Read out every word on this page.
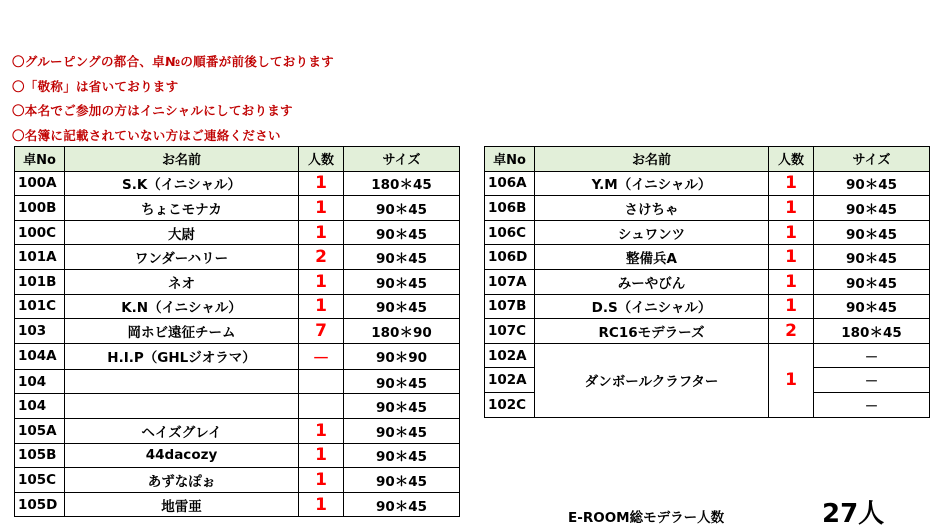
〇グルーピングの都合、卓№の順番が前後しております
〇「敬称」は省いております
〇本名でご参加の方はイニシャルにしております
〇名簿に記載されていない方はご連絡ください
卓No	お名前	人数	サイズ
100A	S.K（イニシャル）	1	180＊45
100B	ちょこモナカ	1	90＊45
100C	大尉	1	90＊45
101A	ワンダーハリー	2	90＊45
101B	ネオ	1	90＊45
101C	K.N（イニシャル）	1	90＊45
103	岡ホビ遠征チーム	7	180＊90
104A	H.I.P（GHLジオラマ）	－	90＊90
104			90＊45
104			90＊45
105A	ヘイズグレイ	1	90＊45
105B	44dacozy	1	90＊45
105C	あずなぽぉ	1	90＊45
105D	地雷亜	1	90＊45
卓No	お名前	人数	サイズ
106A	Y.M（イニシャル）	1	90＊45
106B	さけちゃ	1	90＊45
106C	シュワンツ	1	90＊45
106D	整備兵A	1	90＊45
107A	みーやびん	1	90＊45
107B	D.S（イニシャル）	1	90＊45
107C	RC16モデラーズ	2	180＊45
102A	ダンボールクラフター	1	－
102A			－
102C			－
E-ROOM総モデラー人数	27人
